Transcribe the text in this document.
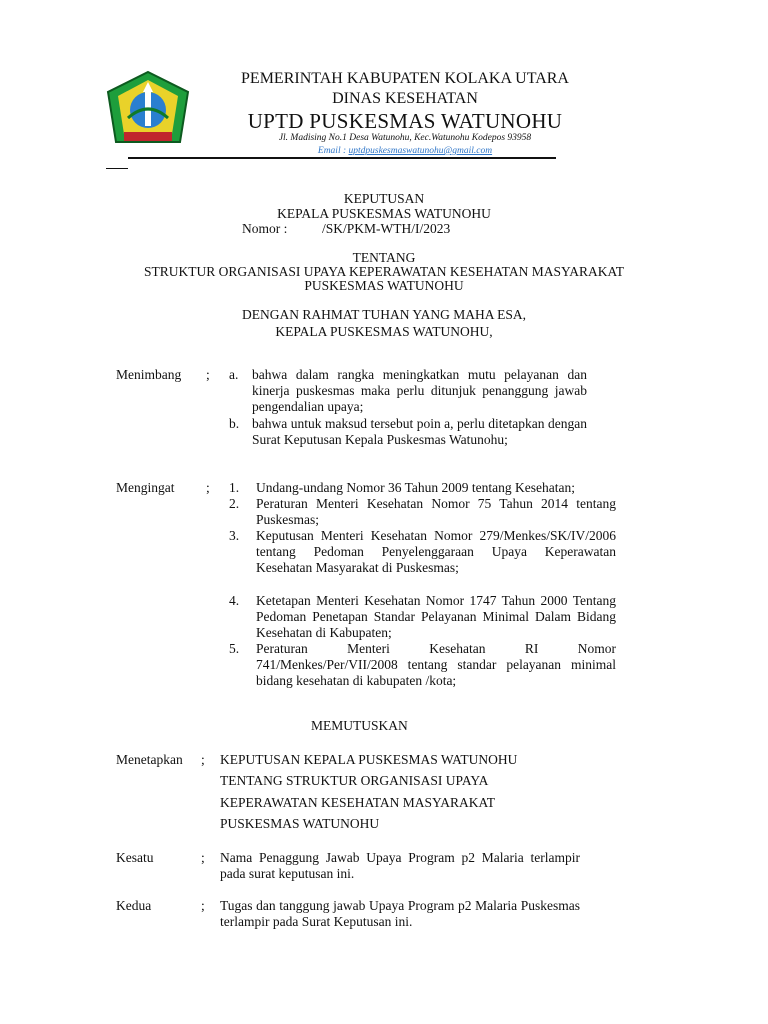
PEMERINTAH KABUPATEN KOLAKA UTARA
DINAS KESEHATAN
UPTD PUSKESMAS WATUNOHU
Jl. Madising No.1 Desa Watunohu, Kec.Watunohu Kodepos 93958
Email : uptdpuskesmaswatunohu@gmail.com
KEPUTUSAN
KEPALA PUSKESMAS WATUNOHU
Nomor :	/SK/PKM-WTH/I/2023
TENTANG
STRUKTUR ORGANISASI UPAYA KEPERAWATAN KESEHATAN MASYARAKAT
PUSKESMAS WATUNOHU
DENGAN RAHMAT TUHAN YANG MAHA ESA,
KEPALA PUSKESMAS WATUNOHU,
Menimbang ; a. bahwa dalam rangka meningkatkan mutu pelayanan dan kinerja puskesmas maka perlu ditunjuk penanggung jawab pengendalian upaya;
b. bahwa untuk maksud tersebut poin a, perlu ditetapkan dengan Surat Keputusan Kepala Puskesmas Watunohu;
Mengingat ; 1. Undang-undang Nomor 36 Tahun 2009 tentang Kesehatan;
2. Peraturan Menteri Kesehatan Nomor 75 Tahun 2014 tentang Puskesmas;
3. Keputusan Menteri Kesehatan Nomor 279/Menkes/SK/IV/2006 tentang Pedoman Penyelenggaraan Upaya Keperawatan Kesehatan Masyarakat di Puskesmas;
4. Ketetapan Menteri Kesehatan Nomor 1747 Tahun 2000 Tentang Pedoman Penetapan Standar Pelayanan Minimal Dalam Bidang Kesehatan di Kabupaten;
5. Peraturan Menteri Kesehatan RI Nomor 741/Menkes/Per/VII/2008 tentang standar pelayanan minimal bidang kesehatan di kabupaten /kota;
MEMUTUSKAN
Menetapkan ; KEPUTUSAN KEPALA PUSKESMAS WATUNOHU
TENTANG STRUKTUR ORGANISASI UPAYA
KEPERAWATAN KESEHATAN MASYARAKAT
PUSKESMAS WATUNOHU
Kesatu	; Nama Penaggung Jawab Upaya Program p2 Malaria terlampir pada surat keputusan ini.
Kedua	; Tugas dan tanggung jawab Upaya Program p2 Malaria Puskesmas terlampir pada Surat Keputusan ini.
